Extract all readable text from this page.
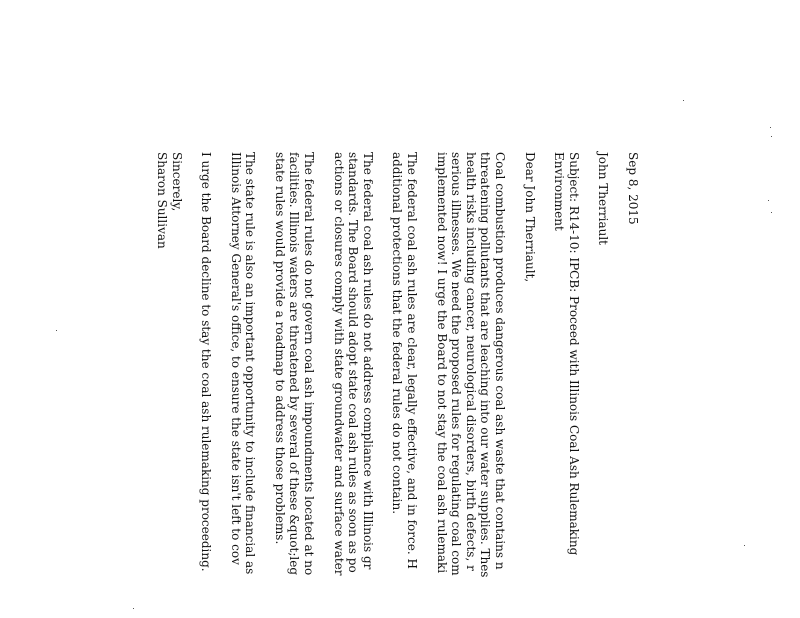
Sep 8, 2015

John Therriault

Subject: R14-10: IPCB: Proceed with Illinois Coal Ash Rulemaking
Environment

Dear John Therriault,

Coal combustion produces dangerous coal ash waste that contains n
threatening pollutants that are leaching into our water supplies. Thes
health risks including cancer, neurological disorders, birth defects, r
serious illnesses. We need the proposed rules for regulating coal com
implemented now! I urge the Board to not stay the coal ash rulemaki

The federal coal ash rules are clear, legally effective, and in force. H
additional protections that the federal rules do not contain.

The federal coal ash rules do not address compliance with Illinois gr
standards. The Board should adopt state coal ash rules as soon as po
actions or closures comply with state groundwater and surface water

The federal rules do not govern coal ash impoundments located at no
facilities. Illinois waters are threatened by several of these &quot;leg
state rules would provide a roadmap to address those problems.

The state rule is also an important opportunity to include financial as
Illinois Attorney General's office, to ensure the state isn't left to cov

I urge the Board decline to stay the coal ash rulemaking proceeding.

Sincerely,

Sharon Sullivan
